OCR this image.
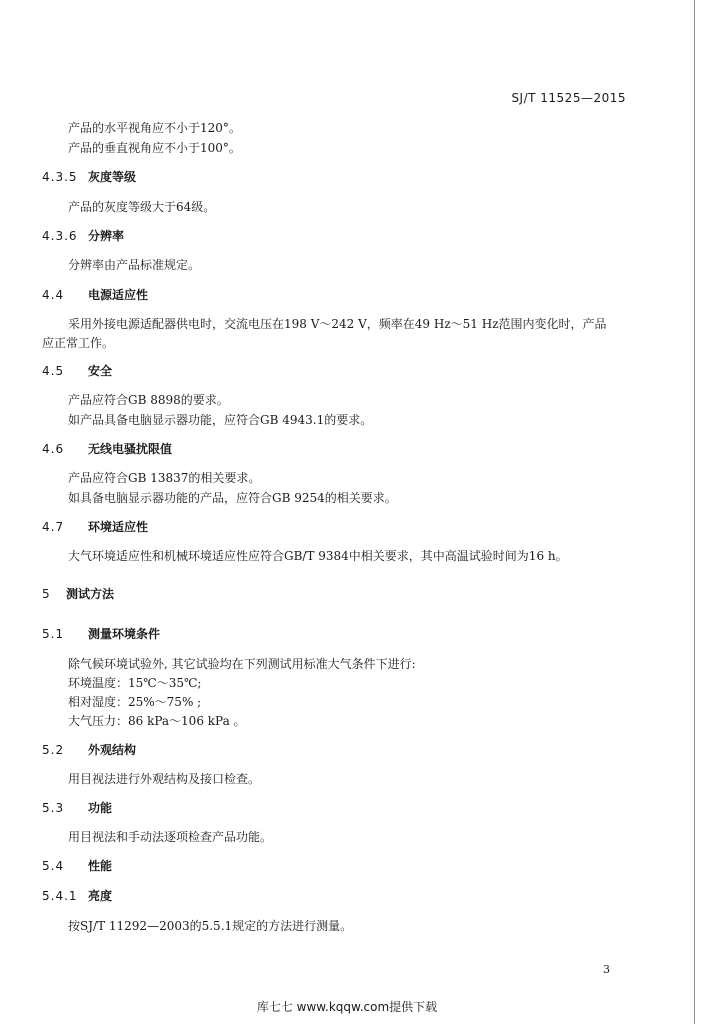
SJ/T 11525—2015
产品的水平视角应不小于120°。
产品的垂直视角应不小于100°。
4.3.5 灰度等级
产品的灰度等级大于64级。
4.3.6 分辨率
分辨率由产品标准规定。
4.4 电源适应性
采用外接电源适配器供电时，交流电压在198 V～242 V，频率在49 Hz～51 Hz范围内变化时，产品应正常工作。
4.5 安全
产品应符合GB 8898的要求。
如产品具备电脑显示器功能，应符合GB 4943.1的要求。
4.6 无线电骚扰限值
产品应符合GB 13837的相关要求。
如具备电脑显示器功能的产品，应符合GB 9254的相关要求。
4.7 环境适应性
大气环境适应性和机械环境适应性应符合GB/T 9384中相关要求，其中高温试验时间为16 h。
5 测试方法
5.1 测量环境条件
除气候环境试验外, 其它试验均在下列测试用标准大气条件下进行:
环境温度：15℃～35℃;
相对湿度：25%～75% ;
大气压力：86 kPa～106 kPa 。
5.2 外观结构
用目视法进行外观结构及接口检查。
5.3 功能
用目视法和手动法逐项检查产品功能。
5.4 性能
5.4.1 亮度
按SJ/T 11292—2003的5.5.1规定的方法进行测量。
3
库七七 www.kqqw.com提供下载
